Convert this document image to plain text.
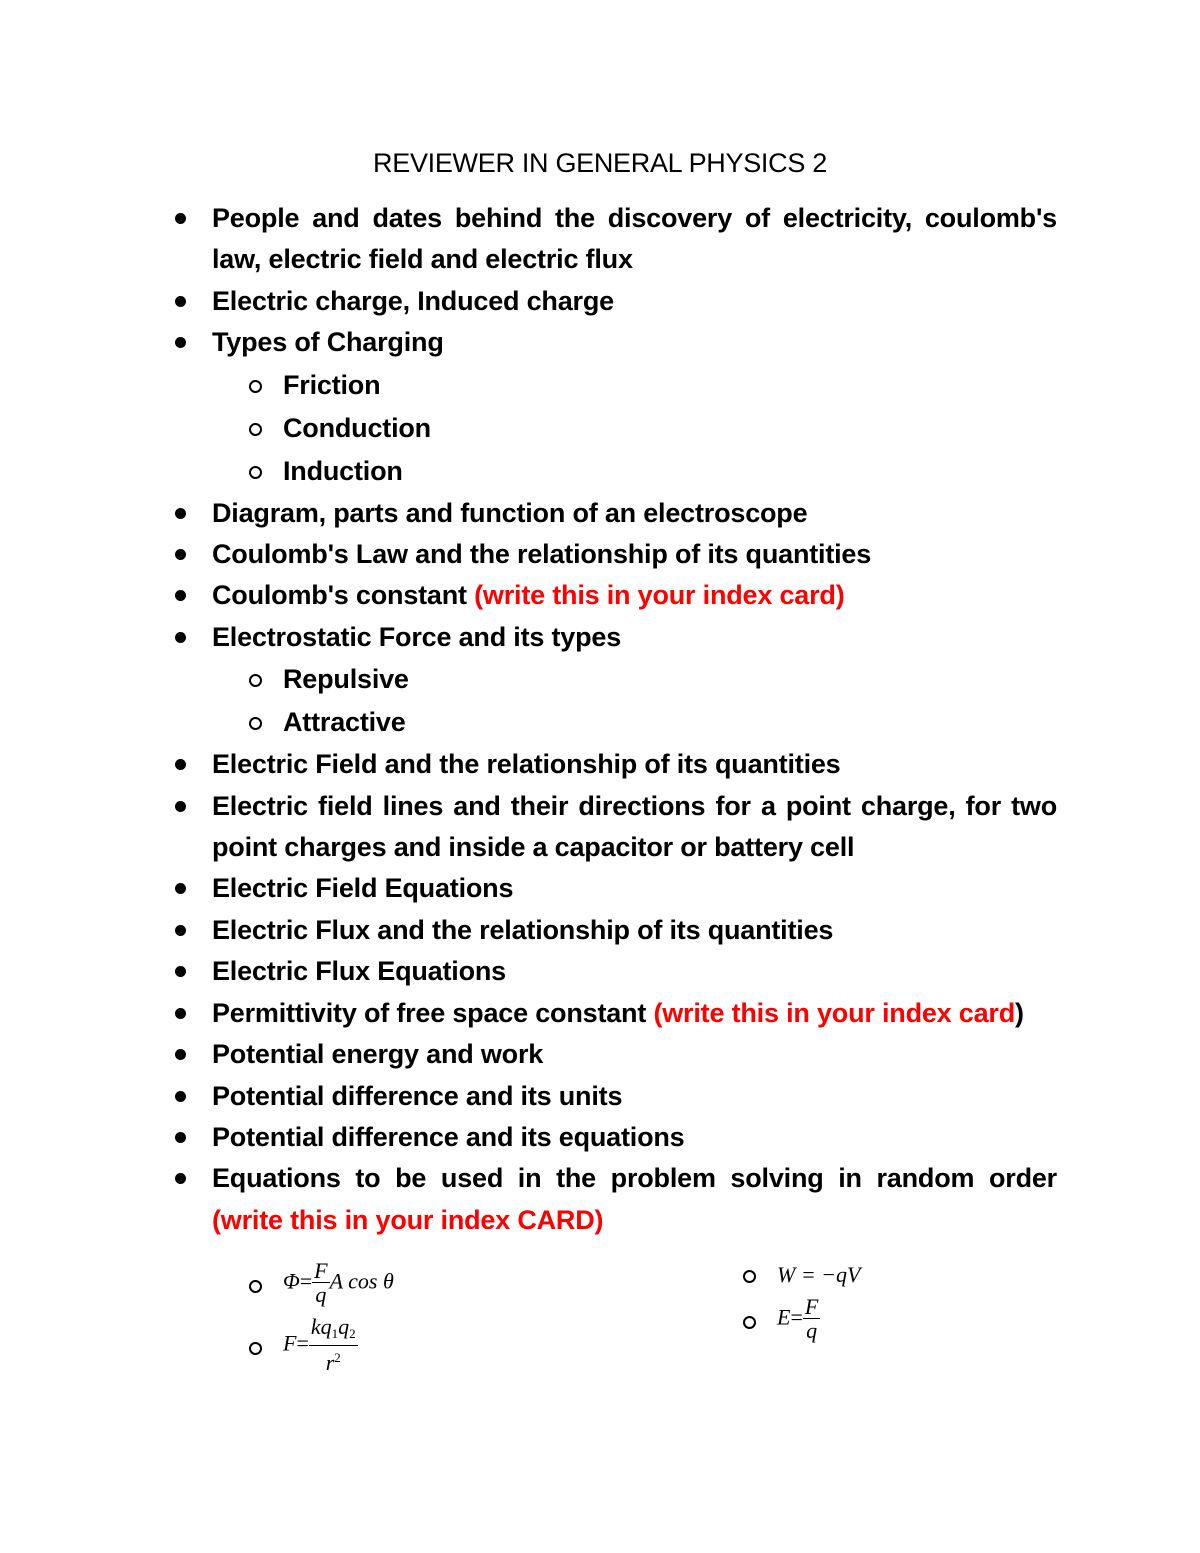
REVIEWER IN GENERAL PHYSICS 2
People and dates behind the discovery of electricity, coulomb's law, electric field and electric flux
Electric charge, Induced charge
Types of Charging
Friction
Conduction
Induction
Diagram, parts and function of an electroscope
Coulomb's Law and the relationship of its quantities
Coulomb's constant (write this in your index card)
Electrostatic Force and its types
Repulsive
Attractive
Electric Field and the relationship of its quantities
Electric field lines and their directions for a point charge, for two point charges and inside a capacitor or battery cell
Electric Field Equations
Electric Flux and the relationship of its quantities
Electric Flux Equations
Permittivity of free space constant (write this in your index card)
Potential energy and work
Potential difference and its units
Potential difference and its equations
Equations to be used in the problem solving in random order (write this in your index CARD)
$\Phi= \frac{F}{q}$ A cos θ
$F= \frac{kq1q2}{r^2}$
W = −qV
$E= \frac{F}{q}$
